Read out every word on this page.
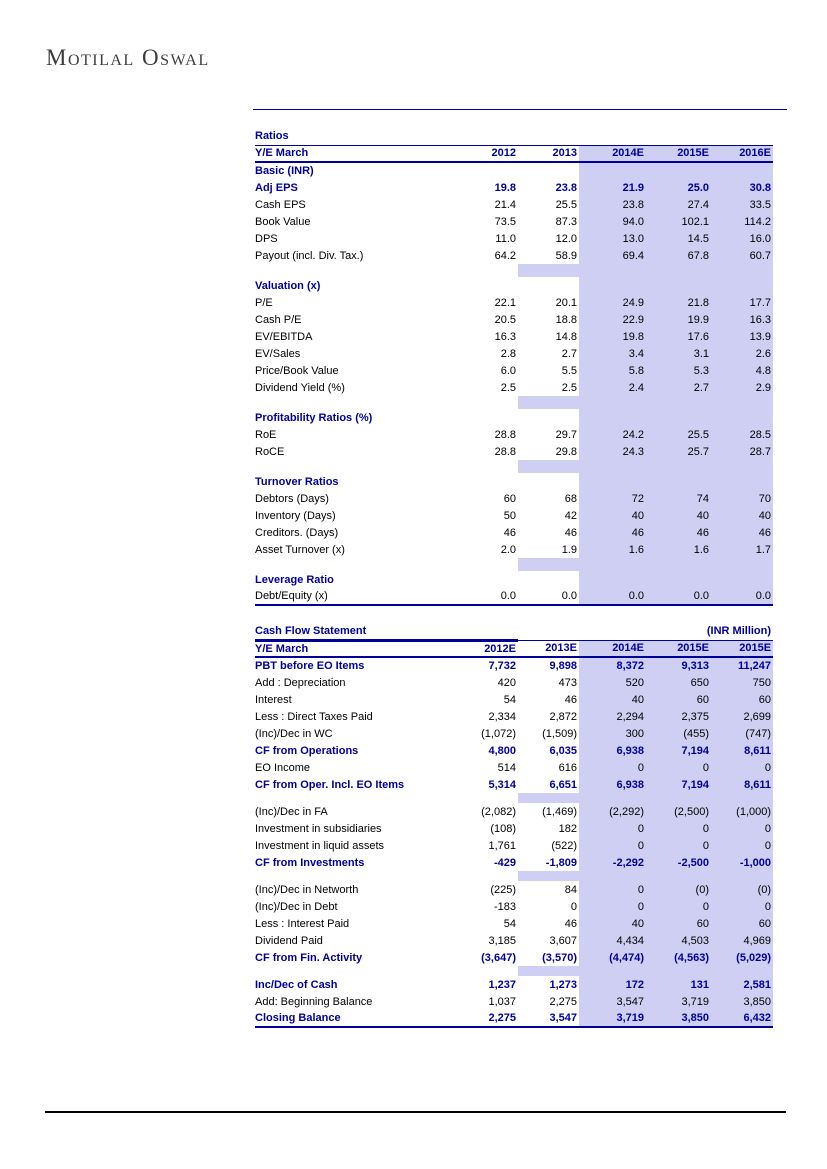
Motilal Oswal
Ratios					
Y/E March	2012	2013	2014E	2015E	2016E
Basic (INR)					
Adj EPS	19.8	23.8	21.9	25.0	30.8
Cash EPS	21.4	25.5	23.8	27.4	33.5
Book Value	73.5	87.3	94.0	102.1	114.2
DPS	11.0	12.0	13.0	14.5	16.0
Payout (incl. Div. Tax.)	64.2	58.9	69.4	67.8	60.7

Valuation (x)					
P/E	22.1	20.1	24.9	21.8	17.7
Cash P/E	20.5	18.8	22.9	19.9	16.3
EV/EBITDA	16.3	14.8	19.8	17.6	13.9
EV/Sales	2.8	2.7	3.4	3.1	2.6
Price/Book Value	6.0	5.5	5.8	5.3	4.8
Dividend Yield (%)	2.5	2.5	2.4	2.7	2.9

Profitability Ratios (%)					
RoE	28.8	29.7	24.2	25.5	28.5
RoCE	28.8	29.8	24.3	25.7	28.7

Turnover Ratios					
Debtors (Days)	60	68	72	74	70
Inventory (Days)	50	42	40	40	40
Creditors. (Days)	46	46	46	46	46
Asset Turnover (x)	2.0	1.9	1.6	1.6	1.7

Leverage Ratio					
Debt/Equity (x)	0.0	0.0	0.0	0.0	0.0
Cash Flow Statement		(INR Million)			
Y/E March	2012E	2013E	2014E	2015E	2015E
PBT before EO Items	7,732	9,898	8,372	9,313	11,247
Add : Depreciation	420	473	520	650	750
Interest	54	46	40	60	60
Less : Direct Taxes Paid	2,334	2,872	2,294	2,375	2,699
(Inc)/Dec in WC	(1,072)	(1,509)	300	(455)	(747)
CF from Operations	4,800	6,035	6,938	7,194	8,611
EO Income	514	616	0	0	0
CF from Oper. Incl. EO Items	5,314	6,651	6,938	7,194	8,611

(Inc)/Dec in FA	(2,082)	(1,469)	(2,292)	(2,500)	(1,000)
Investment in subsidiaries	(108)	182	0	0	0
Investment in liquid assets	1,761	(522)	0	0	0
CF from Investments	-429	-1,809	-2,292	-2,500	-1,000

(Inc)/Dec in Networth	(225)	84	0	(0)	(0)
(Inc)/Dec in Debt	-183	0	0	0	0
Less : Interest Paid	54	46	40	60	60
Dividend Paid	3,185	3,607	4,434	4,503	4,969
CF from Fin. Activity	(3,647)	(3,570)	(4,474)	(4,563)	(5,029)

Inc/Dec of Cash	1,237	1,273	172	131	2,581
Add: Beginning Balance	1,037	2,275	3,547	3,719	3,850
Closing Balance	2,275	3,547	3,719	3,850	6,432
